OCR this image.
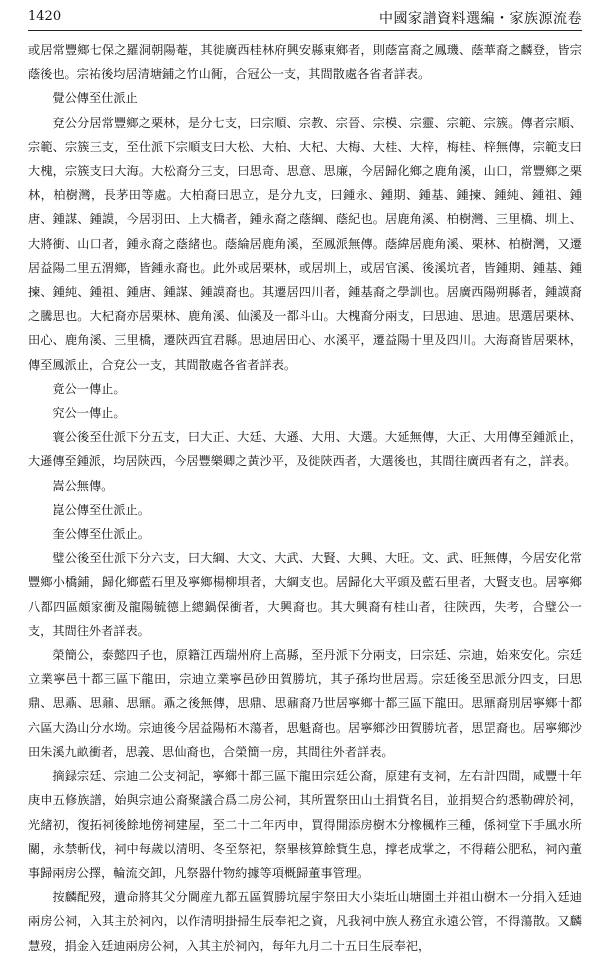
1420	中國家譜資料選編・家族源流卷

或居常豐鄉七保之羅洞朝陽菴，其徙廣西桂林府興安縣東鄉者，則蔭富裔之鳳璣、蔭華裔之麟登，皆宗蔭後也。宗祐後均居清塘鋪之竹山衕，合冠公一支，其間散處各省者詳表。

覺公傳至仕派止

兗公分居常豐鄉之栗林，是分七支，曰宗順、宗教、宗晉、宗模、宗靈、宗範、宗簇。傳者宗順、宗範、宗簇三支，至仕派下宗順支曰大松、大柏、大杞、大梅、大桂、大梓，梅桂、梓無傳，宗範支曰大槐，宗簇支曰大海。大松裔分三支，曰思奇、思意、思廉，今居歸化鄉之鹿角溪，山口，常豐鄉之栗林，柏樹灣，長茅田等處。大柏裔曰思立，是分九支，曰鍾永、鍾期、鍾基、鍾揀、鍾純、鍾祖、鍾唐、鍾謀、鍾謨，今居羽田、上大橋者，鍾永裔之蔭綱、蔭紀也。居鹿角溪、柏樹灣、三里橋、圳上、大將衝、山口者，鍾永裔之蔭緒也。蔭綸居鹿角溪，至鳳派無傳。蔭緯居鹿角溪、栗林、柏樹灣，又遷居益陽二里五渭鄉，皆鍾永裔也。此外或居栗林，或居圳上，或居官溪、後溪坑者，皆鍾期、鍾基、鍾揀、鍾純、鍾祖、鍾唐、鍾謀、鍾謨裔也。其遷居四川者，鍾基裔之學訓也。居廣西陽朔縣者，鍾謨裔之騰思也。大杞裔亦居栗林、鹿角溪、仙溪及一都斗山。大槐裔分兩支，曰思迪、思迪。思選居栗林、田心、鹿角溪、三里橋，遷陝西宜君縣。思迪居田心、水溪平，遷益陽十里及四川。大海裔皆居栗林，傳至鳳派止，合兗公一支，其間散處各省者詳表。

竟公一傳止。

究公一傳止。

寰公後至仕派下分五支，曰大正、大廷、大遜、大用、大選。大延無傳，大正、大用傳至鍾派止，大遜傳至鍾派，均居陝西，今居豐樂卿之黃沙平，及徙陝西者，大選後也，其間往廣西者有之，詳表。

嵩公無傳。

崑公傳至仕派止。

奎公傳至仕派止。

璧公後至仕派下分六支，曰大綱、大文、大武、大賢、大興、大旺。文、武、旺無傳，今居安化常豐鄉小橋鋪，歸化鄉藍石里及寧鄉楊柳垻者，大綱支也。居歸化大平頭及藍石里者，大賢支也。居寧鄉八都四區頗家衝及龍陽毓德上總鍋保衝者，大興裔也。其大興裔有桂山者，往陝西，失考，合璧公一支，其間往外者詳表。

榮簡公，泰懿四子也，原籍江西瑞州府上高縣，至丹派下分兩支，曰宗廷、宗迪，始來安化。宗廷立業寧邑十都三區下龍田，宗迪立業寧邑砂田賀勝坑，其子孫均世居焉。宗廷後至思派分四支，曰思鼎、思鼒、思鼐、思鼏。鼒之後無傳，思鼎、思鼐裔乃世居寧鄉十都三區下龍田。思鼏裔別居寧鄉十都六區大溈山分水坳。宗迪後今居益陽柘木蕩者，思魁裔也。居寧鄉沙田賀勝坑者，思罡裔也。居寧鄉沙田朱溪九畝衝者，思義、思仙裔也，合榮簡一房，其間往外者詳表。

摘録宗廷、宗迪二公支祠記，寧鄉十都三區下龍田宗廷公裔，原建有支祠，左右計四間，咸豐十年庚申五修族譜，始與宗迪公裔聚議合爲二房公祠，其所置祭田山土捐貲名目，並捐契合約悉勒碑於祠，光緒初，復拓祠後餘地傍祠建屋，至二十二年丙申，買得開添房樹木分橡楓柞三種，係祠堂下手風水所關，永禁斬伐，祠中每歲以清明、冬至祭祀，祭畢核算餘貲生息，撑老成掌之，不得藉公肥私，祠內董事歸兩房公擇，輪流交卸，凡祭器什物約據等項概歸董事管理。

按麟配歿，遺命將其父分閫産九都五區賀勝坑屋宇祭田大小柒坵山塘園土并祖山樹木一分捐入廷迪兩房公祠，入其主於祠內，以作清明掛掃生辰奉祀之資，凡我祠中族人務宜永遠公管，不得蕩散。又麟慧歿，捐金入廷迪兩房公祠，入其主於祠內，每年九月二十五日生辰奉祀，
